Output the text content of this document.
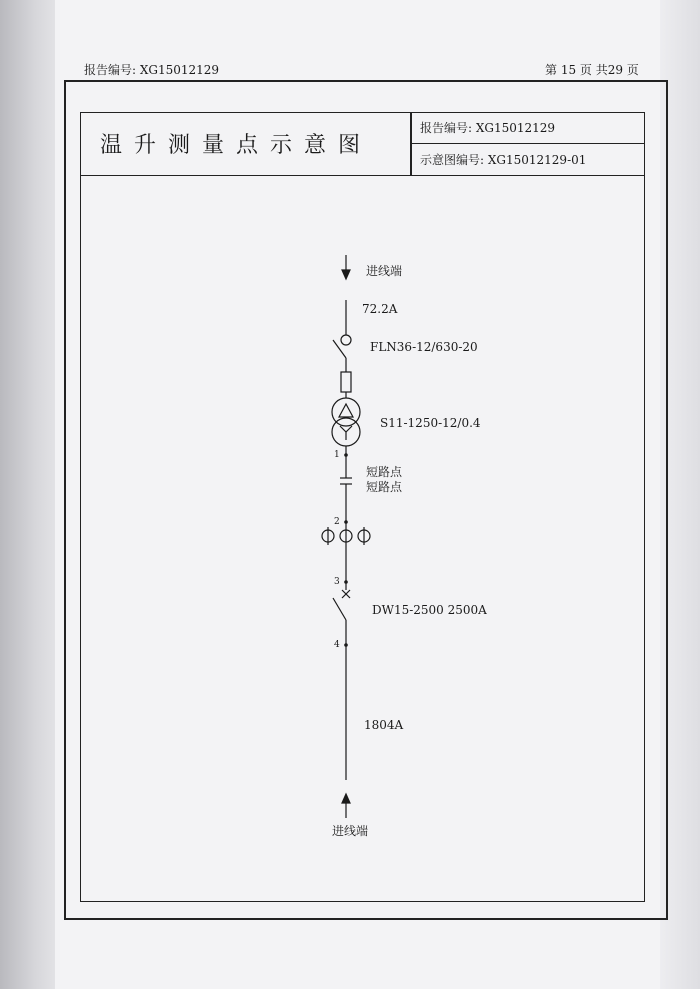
报告编号: XG15012129	第 15 页 共29 页
温升测量点示意图
报告编号: XG15012129
示意图编号: XG15012129-01
进线端
72.2A
FLN36-12/630-20
S11-1250-12/0.4
短路点
短路点
DW15-2500 2500A
1804A
进线端
1
2
3
4
